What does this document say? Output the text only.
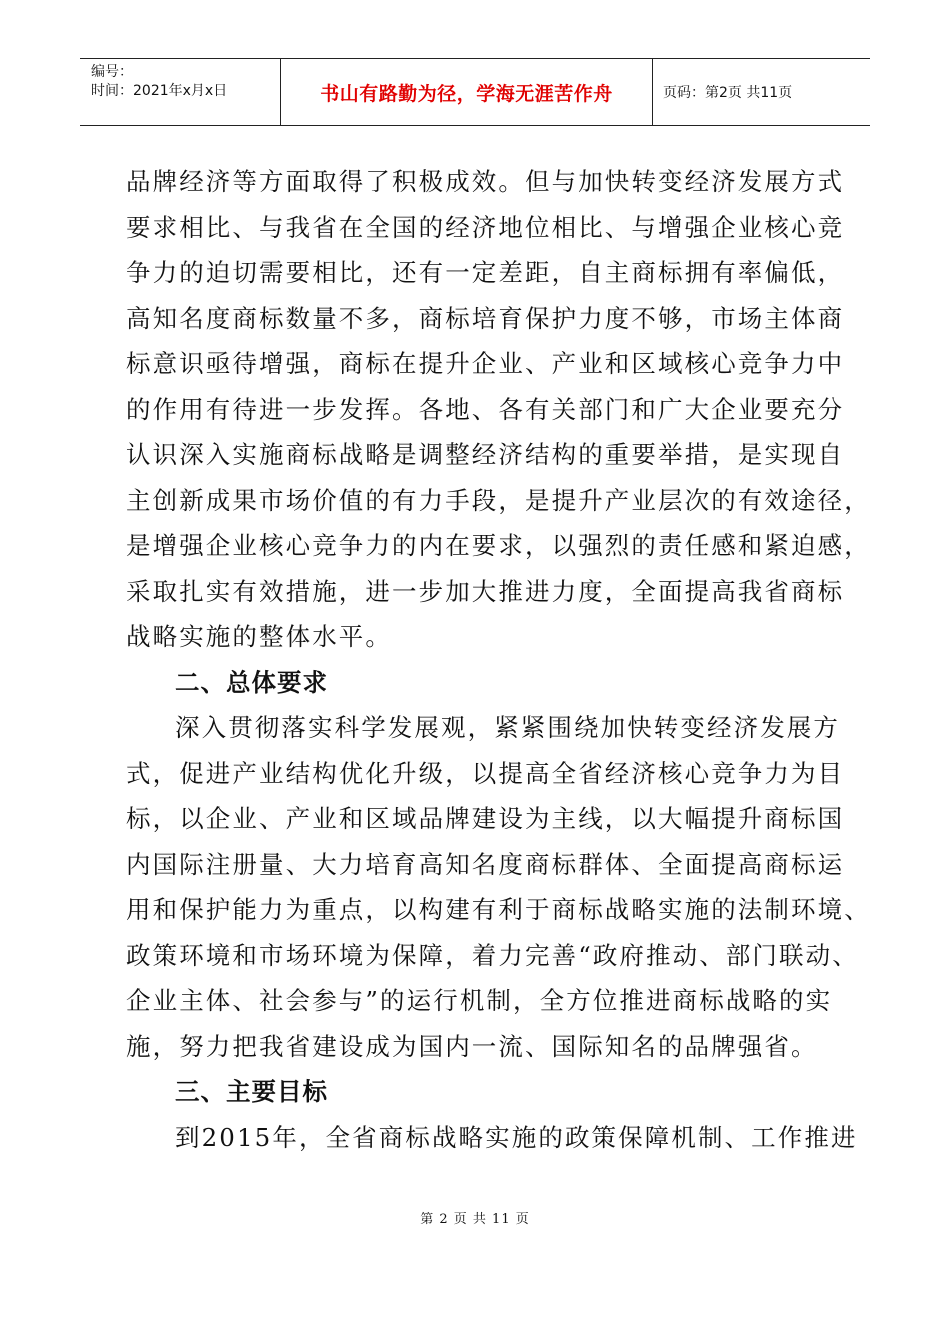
编号：
时间：2021年x月x日	书山有路勤为径，学海无涯苦作舟	页码：第2页 共11页
品牌经济等方面取得了积极成效。但与加快转变经济发展方式
要求相比、与我省在全国的经济地位相比、与增强企业核心竞
争力的迫切需要相比，还有一定差距，自主商标拥有率偏低，
高知名度商标数量不多，商标培育保护力度不够，市场主体商
标意识亟待增强，商标在提升企业、产业和区域核心竞争力中
的作用有待进一步发挥。各地、各有关部门和广大企业要充分
认识深入实施商标战略是调整经济结构的重要举措，是实现自
主创新成果市场价值的有力手段，是提升产业层次的有效途径，
是增强企业核心竞争力的内在要求，以强烈的责任感和紧迫感，
采取扎实有效措施，进一步加大推进力度，全面提高我省商标
战略实施的整体水平。
二、总体要求
深入贯彻落实科学发展观，紧紧围绕加快转变经济发展方
式，促进产业结构优化升级，以提高全省经济核心竞争力为目
标，以企业、产业和区域品牌建设为主线，以大幅提升商标国
内国际注册量、大力培育高知名度商标群体、全面提高商标运
用和保护能力为重点，以构建有利于商标战略实施的法制环境、
政策环境和市场环境为保障，着力完善“政府推动、部门联动、
企业主体、社会参与”的运行机制，全方位推进商标战略的实
施，努力把我省建设成为国内一流、国际知名的品牌强省。
三、主要目标
到2015年，全省商标战略实施的政策保障机制、工作推进
第 2 页 共 11 页
